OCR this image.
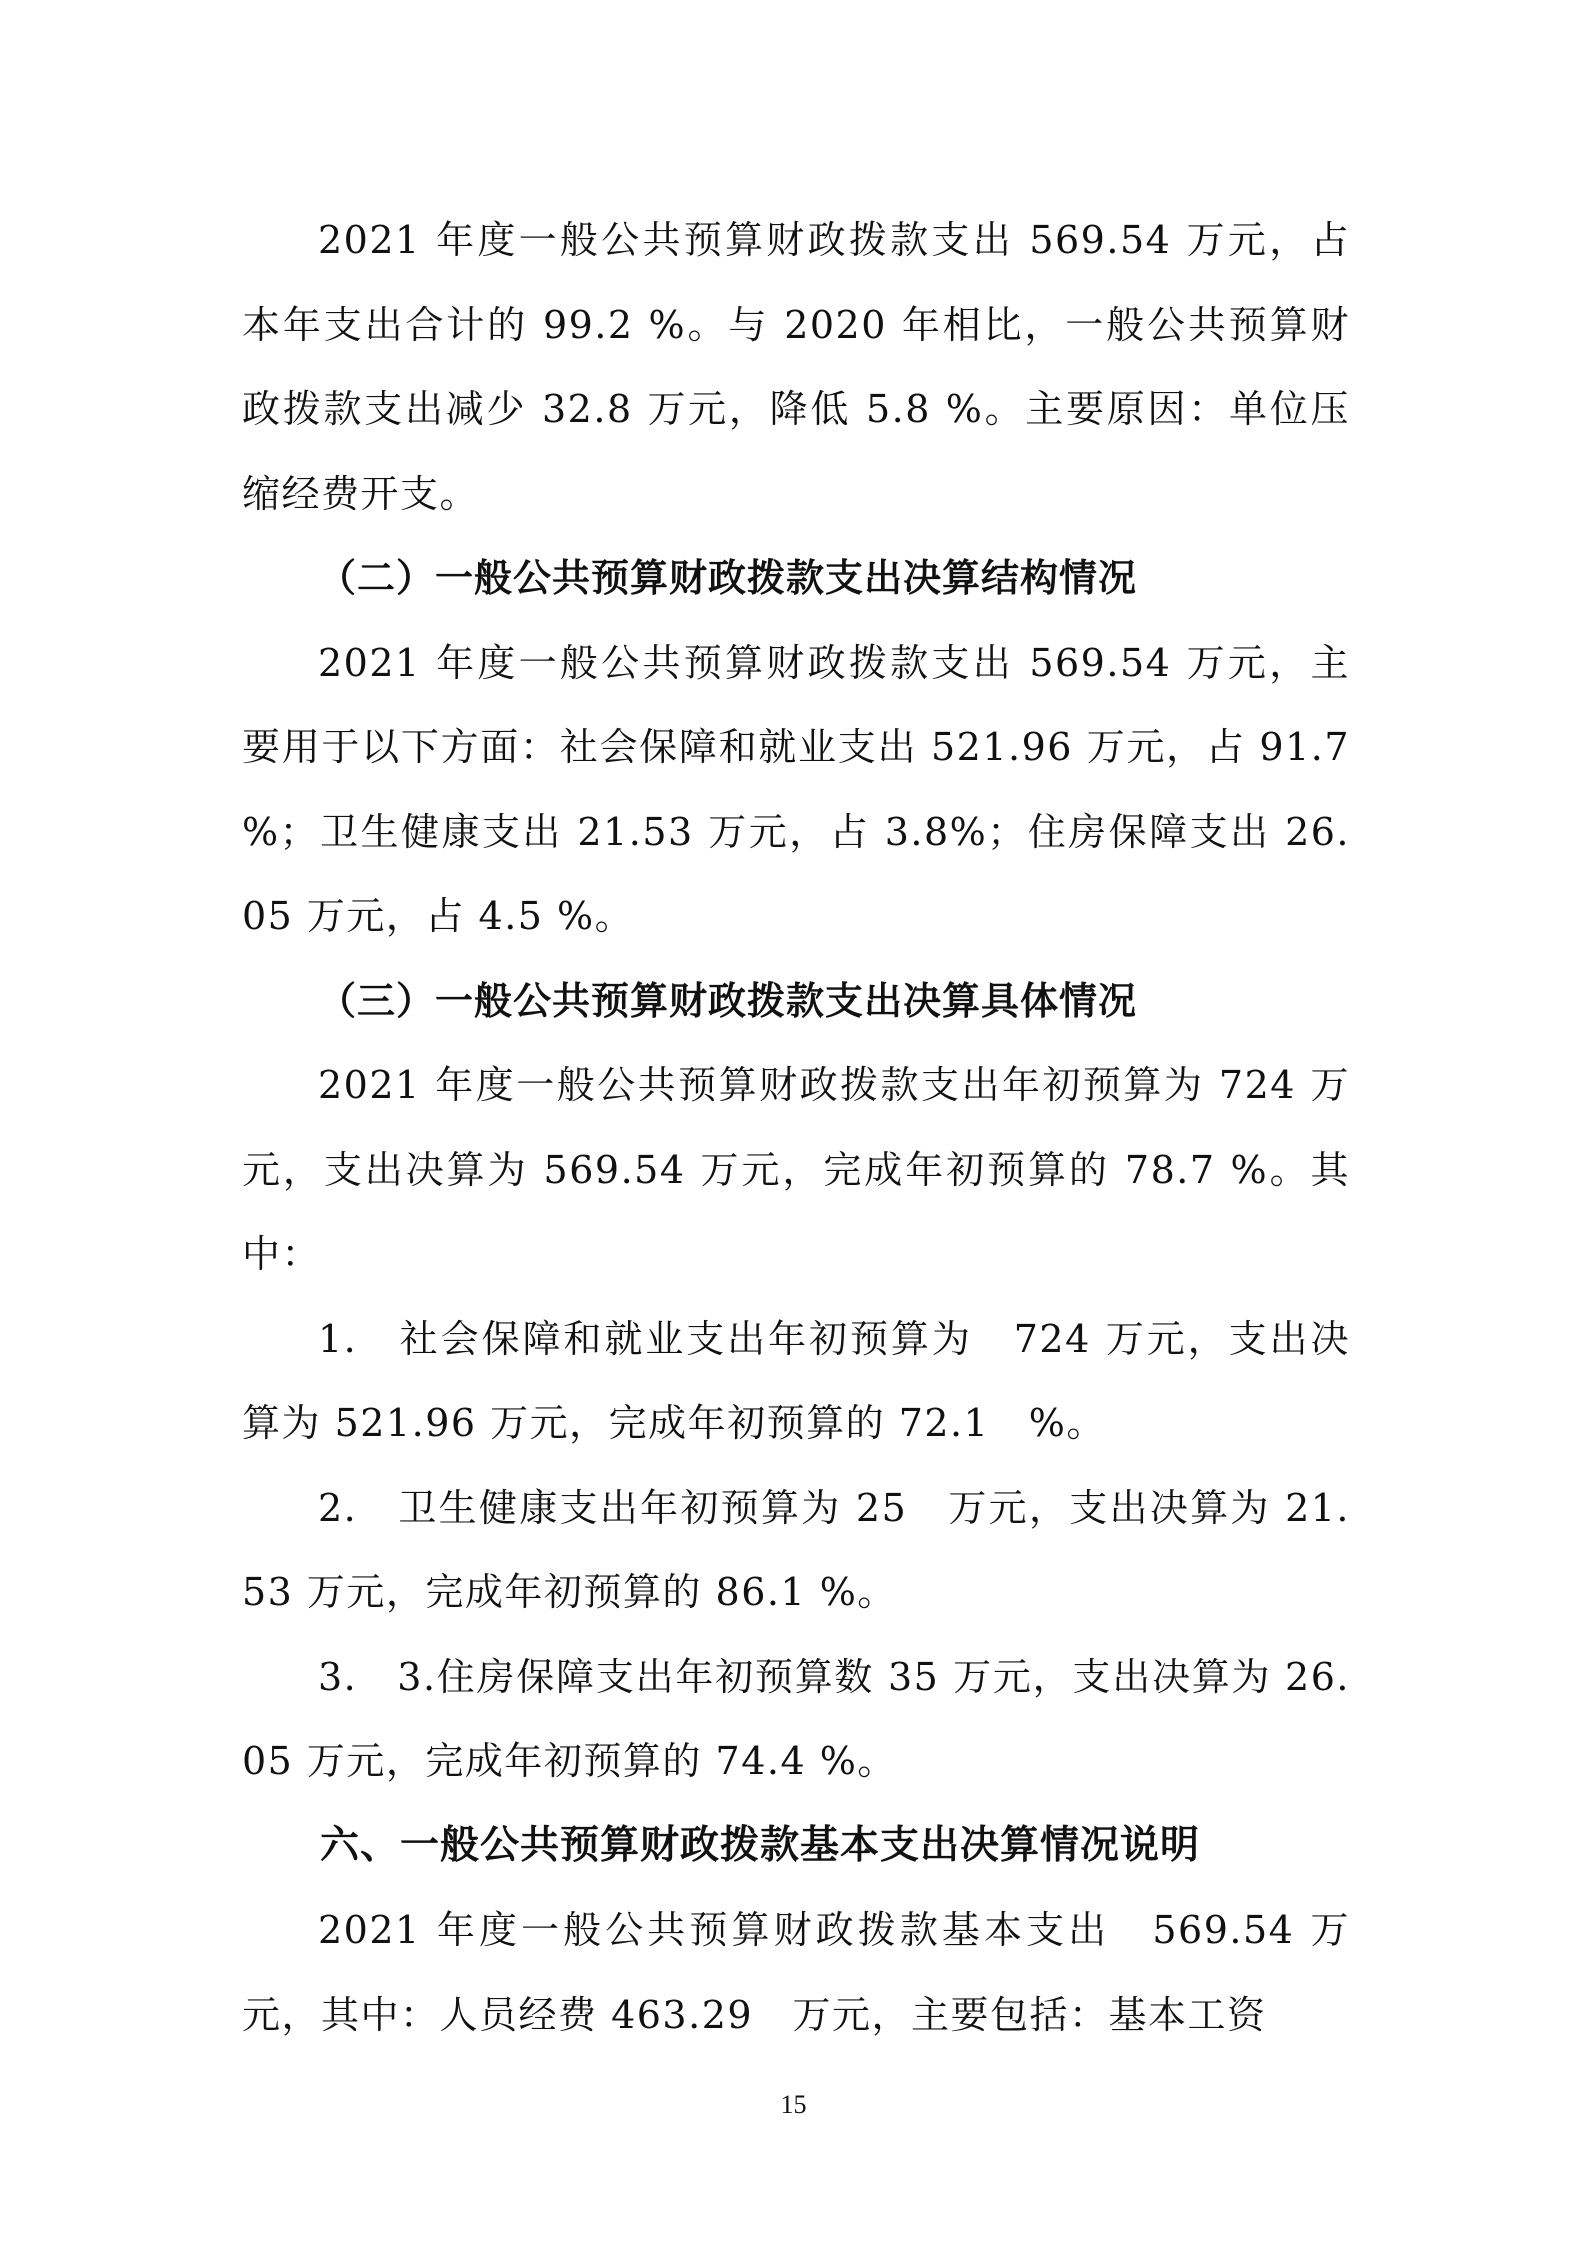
2021 年度一般公共预算财政拨款支出 569.54 万元，占本年支出合计的 99.2 %。与 2020 年相比，一般公共预算财政拨款支出减少 32.8 万元，降低 5.8 %。主要原因：单位压缩经费开支。

（二）一般公共预算财政拨款支出决算结构情况

2021 年度一般公共预算财政拨款支出 569.54 万元，主要用于以下方面：社会保障和就业支出 521.96 万元，占 91.7 %；卫生健康支出 21.53 万元，占 3.8%；住房保障支出 26.05 万元，占 4.5 %。

（三）一般公共预算财政拨款支出决算具体情况

2021 年度一般公共预算财政拨款支出年初预算为 724 万元，支出决算为 569.54 万元，完成年初预算的 78.7 %。其中：

1.　社会保障和就业支出年初预算为　724 万元，支出决算为 521.96 万元，完成年初预算的 72.1　%。

2.　卫生健康支出年初预算为 25　万元，支出决算为 21.53 万元，完成年初预算的 86.1 %。

3.　3.住房保障支出年初预算数 35 万元，支出决算为 26.05 万元，完成年初预算的 74.4 %。

六、一般公共预算财政拨款基本支出决算情况说明

2021 年度一般公共预算财政拨款基本支出　569.54 万元，其中：人员经费 463.29　万元，主要包括：基本工资

15
